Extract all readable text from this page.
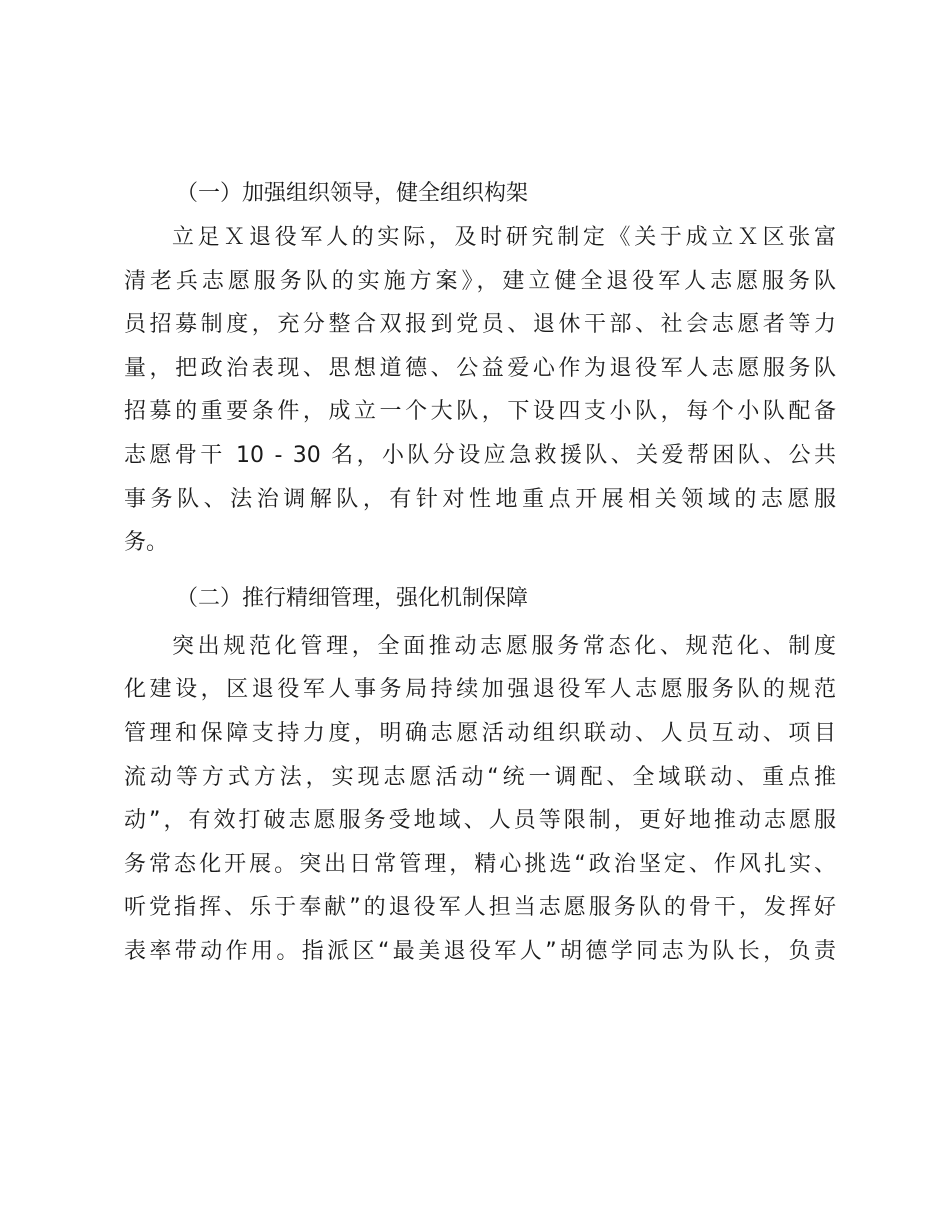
（一）加强组织领导，健全组织构架
立足Ｘ退役军人的实际，及时研究制定《关于成立Ｘ区张富
清老兵志愿服务队的实施方案》，建立健全退役军人志愿服务队
员招募制度，充分整合双报到党员、退休干部、社会志愿者等力
量，把政治表现、思想道德、公益爱心作为退役军人志愿服务队
招募的重要条件，成立一个大队，下设四支小队，每个小队配备
志愿骨干 10 - 30 名，小队分设应急救援队、关爱帮困队、公共
事务队、法治调解队，有针对性地重点开展相关领域的志愿服
务。
（二）推行精细管理，强化机制保障
突出规范化管理，全面推动志愿服务常态化、规范化、制度
化建设，区退役军人事务局持续加强退役军人志愿服务队的规范
管理和保障支持力度，明确志愿活动组织联动、人员互动、项目
流动等方式方法，实现志愿活动“统一调配、全域联动、重点推
动”，有效打破志愿服务受地域、人员等限制，更好地推动志愿服
务常态化开展。突出日常管理，精心挑选“政治坚定、作风扎实、
听党指挥、乐于奉献”的退役军人担当志愿服务队的骨干，发挥好
表率带动作用。指派区“最美退役军人”胡德学同志为队长，负责
